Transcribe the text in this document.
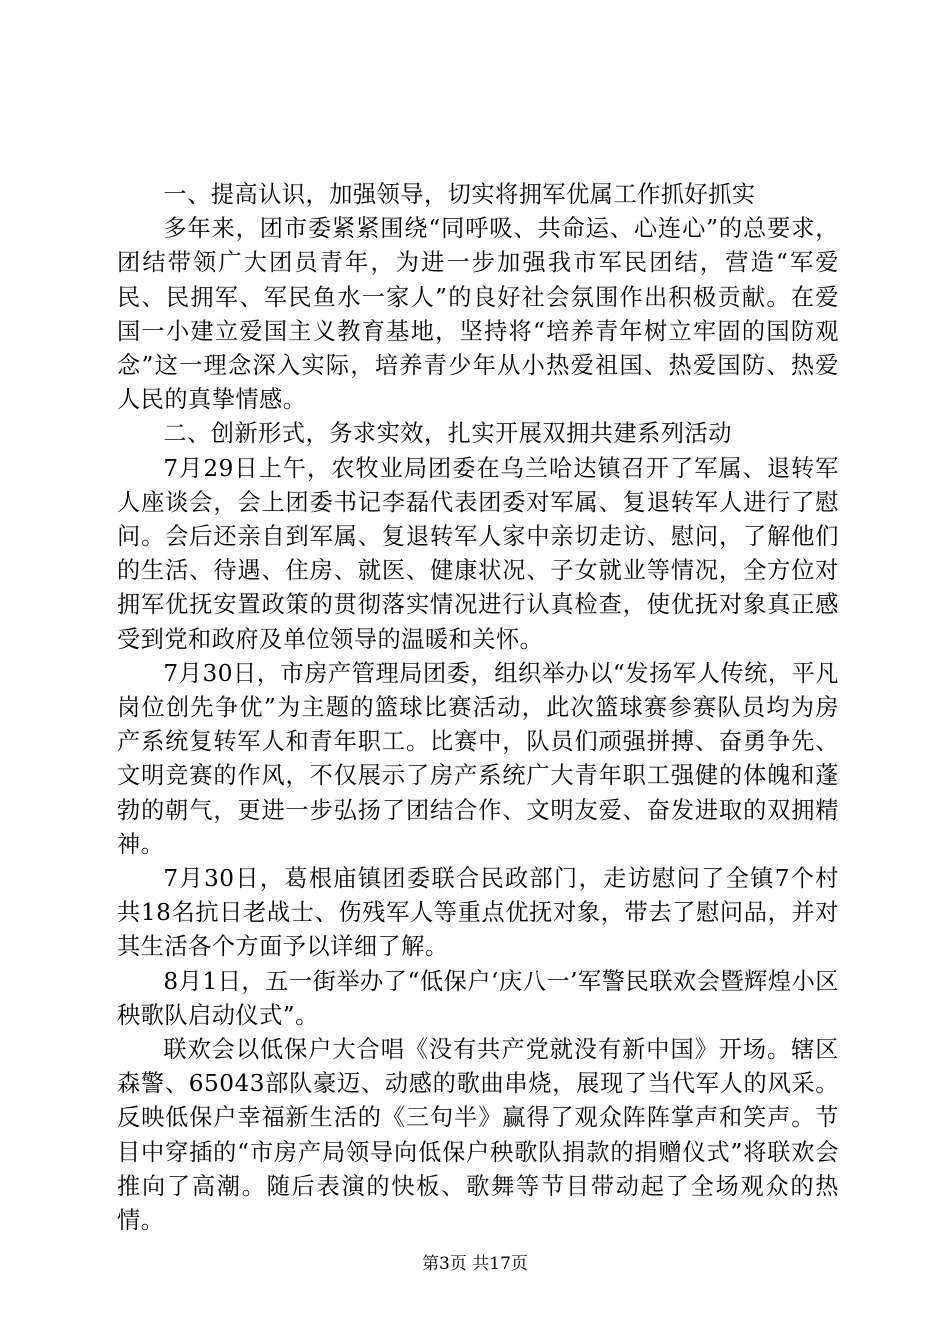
一、提高认识，加强领导，切实将拥军优属工作抓好抓实

多年来，团市委紧紧围绕“同呼吸、共命运、心连心”的总要求，团结带领广大团员青年，为进一步加强我市军民团结，营造“军爱民、民拥军、军民鱼水一家人”的良好社会氛围作出积极贡献。在爱国一小建立爱国主义教育基地，坚持将“培养青年树立牢固的国防观念”这一理念深入实际，培养青少年从小热爱祖国、热爱国防、热爱人民的真挚情感。

二、创新形式，务求实效，扎实开展双拥共建系列活动

7月29日上午，农牧业局团委在乌兰哈达镇召开了军属、退转军人座谈会，会上团委书记李磊代表团委对军属、复退转军人进行了慰问。会后还亲自到军属、复退转军人家中亲切走访、慰问，了解他们的生活、待遇、住房、就医、健康状况、子女就业等情况，全方位对拥军优抚安置政策的贯彻落实情况进行认真检查，使优抚对象真正感受到党和政府及单位领导的温暖和关怀。

7月30日，市房产管理局团委，组织举办以“发扬军人传统，平凡岗位创先争优”为主题的篮球比赛活动，此次篮球赛参赛队员均为房产系统复转军人和青年职工。比赛中，队员们顽强拼搏、奋勇争先、文明竞赛的作风，不仅展示了房产系统广大青年职工强健的体魄和蓬勃的朝气，更进一步弘扬了团结合作、文明友爱、奋发进取的双拥精神。

7月30日，葛根庙镇团委联合民政部门，走访慰问了全镇7个村共18名抗日老战士、伤残军人等重点优抚对象，带去了慰问品，并对其生活各个方面予以详细了解。

8月1日，五一街举办了“低保户‘庆八一’军警民联欢会暨辉煌小区秧歌队启动仪式”。

联欢会以低保户大合唱《没有共产党就没有新中国》开场。辖区森警、65043部队豪迈、动感的歌曲串烧，展现了当代军人的风采。反映低保户幸福新生活的《三句半》赢得了观众阵阵掌声和笑声。节目中穿插的“市房产局领导向低保户秧歌队捐款的捐赠仪式”将联欢会推向了高潮。随后表演的快板、歌舞等节目带动起了全场观众的热情。

第3页 共17页
